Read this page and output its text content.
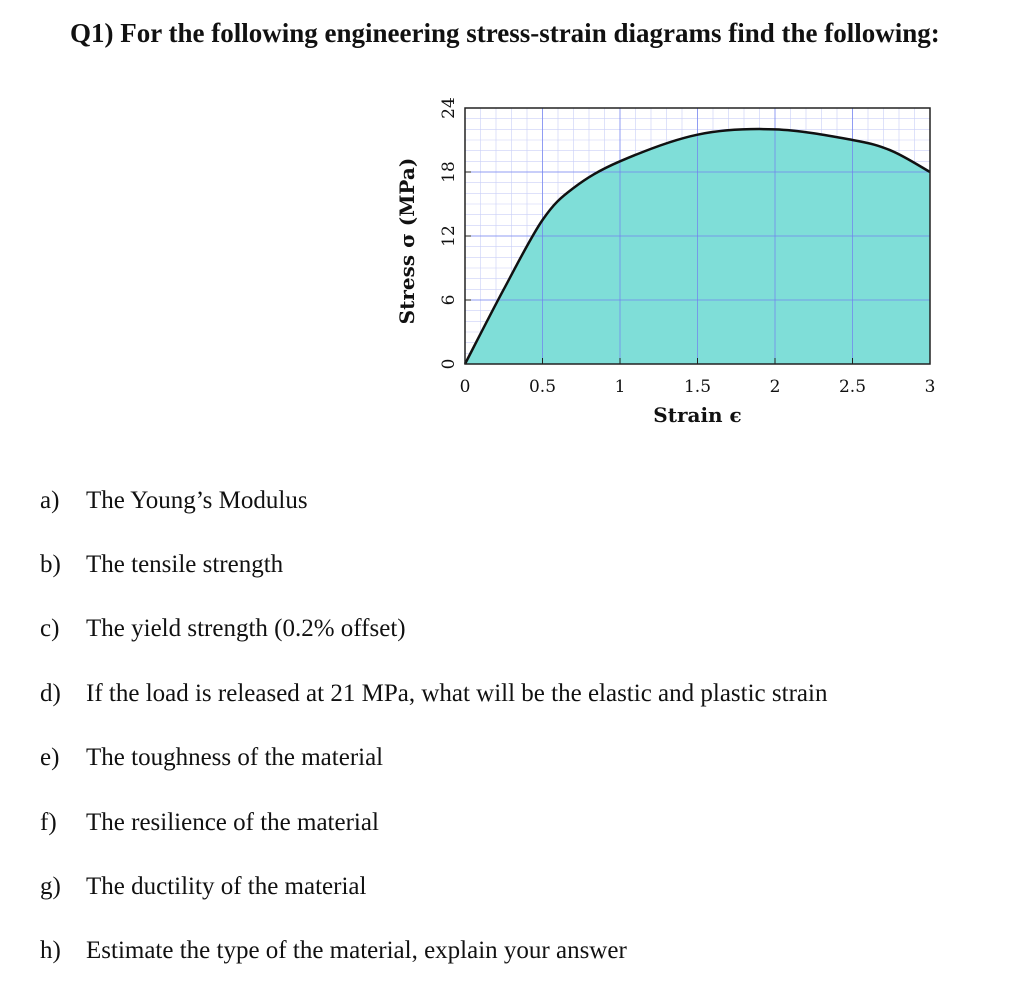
Q1) For the following engineering stress-strain diagrams find the following:
0	0.5	1	1.5	2	2.5	3
0
6
12
18
24
Strain ϵ
Stress σ (MPa)
a) The Young’s Modulus
b) The tensile strength
c) The yield strength (0.2% offset)
d) If the load is released at 21 MPa, what will be the elastic and plastic strain
e) The toughness of the material
f) The resilience of the material
g) The ductility of the material
h) Estimate the type of the material, explain your answer
